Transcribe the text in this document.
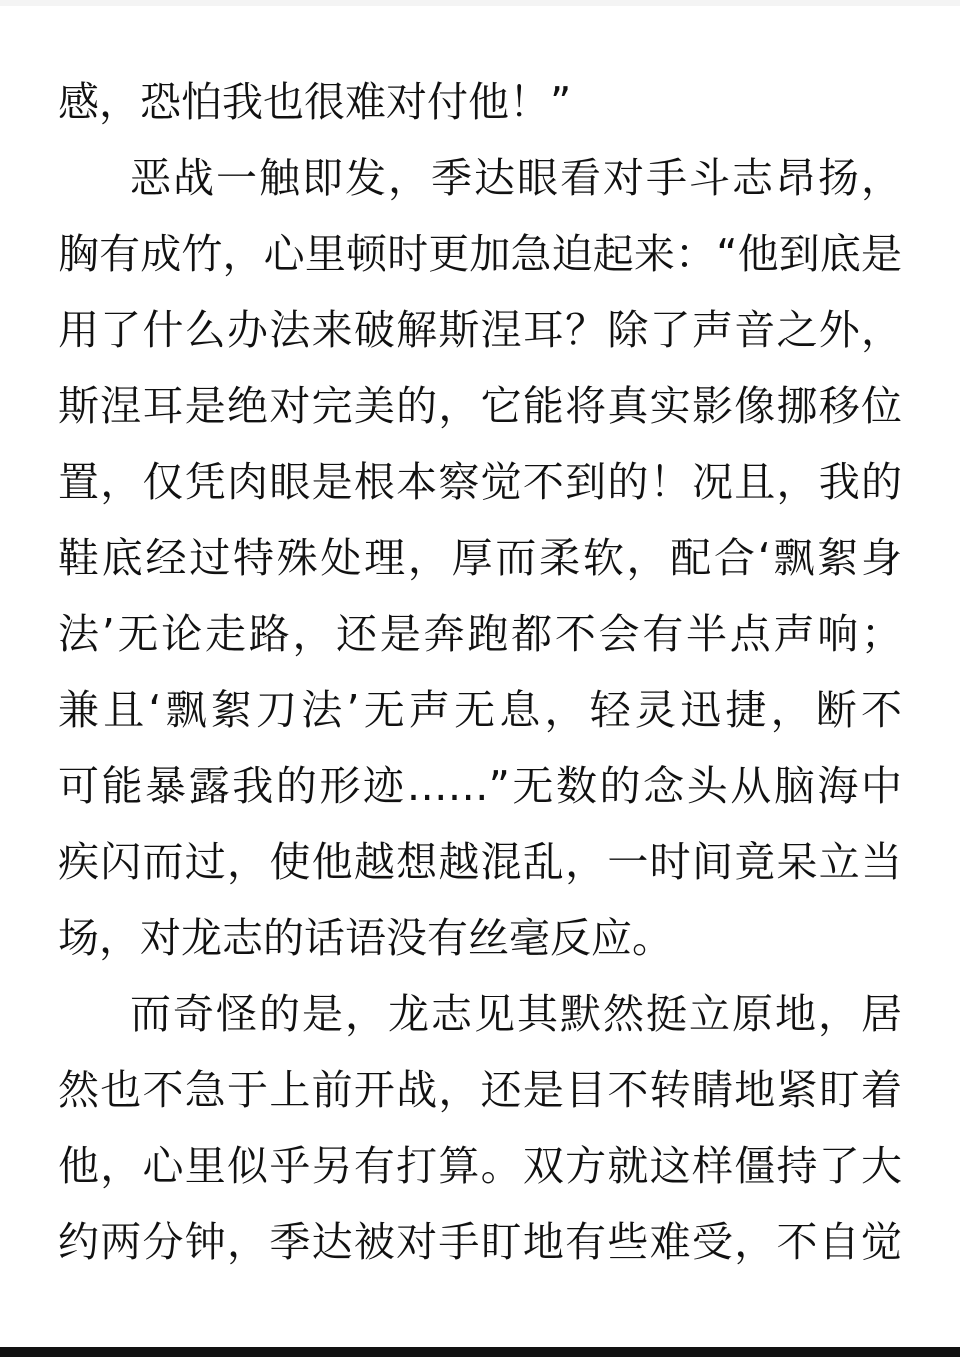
感，恐怕我也很难对付他！”
恶战一触即发，季达眼看对手斗志昂扬，
胸有成竹，心里顿时更加急迫起来：“他到底是
用了什么办法来破解斯涅耳？除了声音之外，
斯涅耳是绝对完美的，它能将真实影像挪移位
置，仅凭肉眼是根本察觉不到的！况且，我的
鞋底经过特殊处理，厚而柔软，配合‘飘絮身
法’无论走路，还是奔跑都不会有半点声响；
兼且‘飘絮刀法’无声无息，轻灵迅捷，断不
可能暴露我的形迹……”无数的念头从脑海中
疾闪而过，使他越想越混乱，一时间竟呆立当
场，对龙志的话语没有丝毫反应。
而奇怪的是，龙志见其默然挺立原地，居
然也不急于上前开战，还是目不转睛地紧盯着
他，心里似乎另有打算。双方就这样僵持了大
约两分钟，季达被对手盯地有些难受，不自觉
